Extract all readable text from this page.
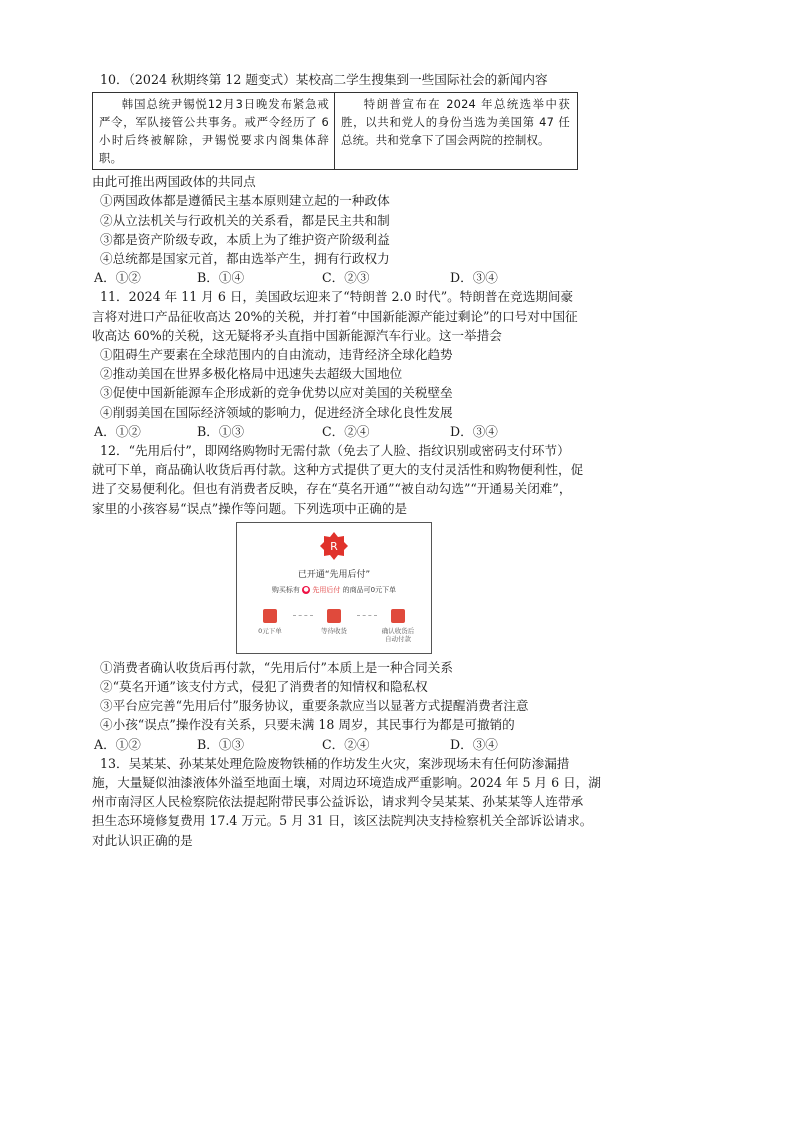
10．（2024 秋期终第 12 题变式）某校高二学生搜集到一些国际社会的新闻内容

韩国总统尹锡悦12月3日晚发布紧急戒严令，军队接管公共事务。戒严令经历了 6 小时后终被解除，尹锡悦要求内阁集体辞职。

特朗普宣布在 2024 年总统选举中获胜，以共和党人的身份当选为美国第 47 任总统。共和党拿下了国会两院的控制权。

由此可推出两国政体的共同点
①两国政体都是遵循民主基本原则建立起的一种政体
②从立法机关与行政机关的关系看，都是民主共和制
③都是资产阶级专政，本质上为了维护资产阶级利益
④总统都是国家元首，都由选举产生，拥有行政权力
A．①②	B．①④	C．②③	D．③④
11．2024 年 11 月 6 日，美国政坛迎来了“特朗普 2.0 时代”。特朗普在竞选期间豪
言将对进口产品征收高达 20%的关税，并打着“中国新能源产能过剩论”的口号对中国征
收高达 60%的关税，这无疑将矛头直指中国新能源汽车行业。这一举措会
①阻碍生产要素在全球范围内的自由流动，违背经济全球化趋势
②推动美国在世界多极化格局中迅速失去超级大国地位
③促使中国新能源车企形成新的竞争优势以应对美国的关税壁垒
④削弱美国在国际经济领域的影响力，促进经济全球化良性发展
A．①②	B．①③	C．②④	D．③④
12．“先用后付”，即网络购物时无需付款（免去了人脸、指纹识别或密码支付环节）
就可下单，商品确认收货后再付款。这种方式提供了更大的支付灵活性和购物便利性，促
进了交易便利化。但也有消费者反映，存在“莫名开通”“被自动勾选”“开通易关闭难”，
家里的小孩容易“误点”操作等问题。下列选项中正确的是
R
已开通“先用后付”
购买标有 ● 先用后付 的商品可0元下单
0元下单	等待收货	确认收货后
自动付款
①消费者确认收货后再付款，“先用后付”本质上是一种合同关系
②“莫名开通”该支付方式，侵犯了消费者的知情权和隐私权
③平台应完善“先用后付”服务协议，重要条款应当以显著方式提醒消费者注意
④小孩“误点”操作没有关系，只要未满 18 周岁，其民事行为都是可撤销的
A．①②	B．①③	C．②④	D．③④
13．吴某某、孙某某处理危险废物铁桶的作坊发生火灾，案涉现场未有任何防渗漏措
施，大量疑似油漆液体外溢至地面土壤，对周边环境造成严重影响。2024 年 5 月 6 日，湖
州市南浔区人民检察院依法提起附带民事公益诉讼，请求判令吴某某、孙某某等人连带承
担生态环境修复费用 17.4 万元。5 月 31 日，该区法院判决支持检察机关全部诉讼请求。
对此认识正确的是
